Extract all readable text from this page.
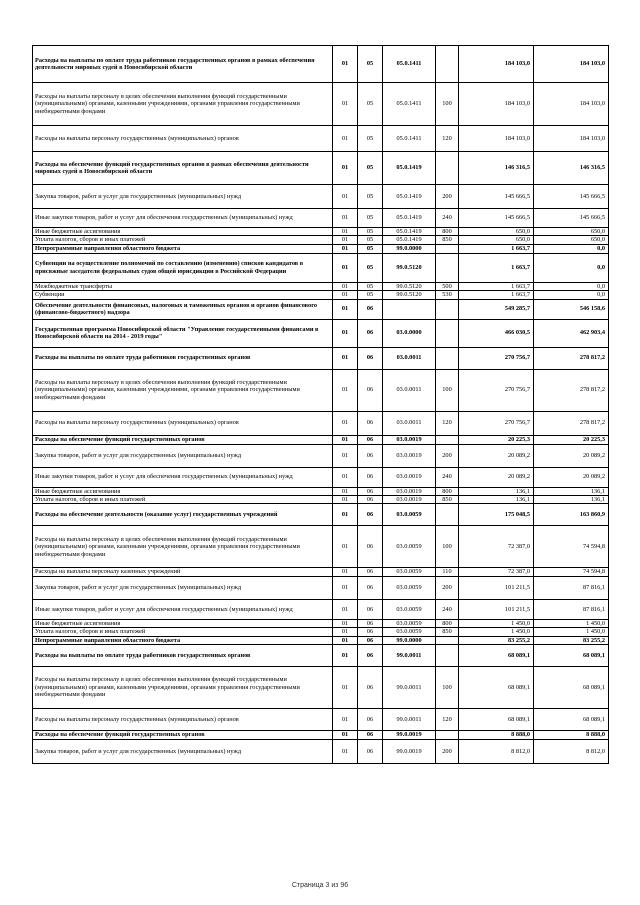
Расходы на выплаты по оплате труда работников государственных органов в рамках обеспечения деятельности мировых судей в Новосибирской области	01	05	05.0.1411		184 103,0	184 103,0
Расходы на выплаты персоналу в целях обеспечения выполнения функций государственными (муниципальными) органами, казенными учреждениями, органами управления государственными внебюджетными фондами	01	05	05.0.1411	100	184 103,0	184 103,0
Расходы на выплаты персоналу государственных (муниципальных) органов	01	05	05.0.1411	120	184 103,0	184 103,0
Расходы на обеспечение функций государственных органов в рамках обеспечения деятельности мировых судей в Новосибирской области	01	05	05.0.1419		146 316,5	146 316,5
Закупка товаров, работ и услуг для государственных (муниципальных) нужд	01	05	05.0.1419	200	145 666,5	145 666,5
Иные закупки товаров, работ и услуг для обеспечения государственных (муниципальных) нужд	01	05	05.0.1419	240	145 666,5	145 666,5
Иные бюджетные ассигнования	01	05	05.0.1419	800	650,0	650,0
Уплата налогов, сборов и иных платежей	01	05	05.0.1419	850	650,0	650,0
Непрограммные направления областного бюджета	01	05	99.0.0000		1 663,7	0,0
Субвенции на осуществление полномочий по составлению (изменению) списков кандидатов в присяжные заседатели федеральных судов общей юрисдикции в Российской Федерации	01	05	99.0.5120		1 663,7	0,0
Межбюджетные трансферты	01	05	99.0.5120	500	1 663,7	0,0
Субвенции	01	05	99.0.5120	530	1 663,7	0,0
Обеспечение деятельности финансовых, налоговых и таможенных органов и органов финансового (финансово-бюджетного) надзора	01	06			549 285,7	546 158,6
Государственная программа Новосибирской области "Управление государственными финансами в Новосибирской области на 2014 - 2019 годы"	01	06	03.0.0000		466 030,5	462 903,4
Расходы на выплаты по оплате труда работников государственных органов	01	06	03.0.0011		270 756,7	278 817,2
Расходы на выплаты персоналу в целях обеспечения выполнения функций государственными (муниципальными) органами, казенными учреждениями, органами управления государственными внебюджетными фондами	01	06	03.0.0011	100	270 756,7	278 817,2
Расходы на выплаты персоналу государственных (муниципальных) органов	01	06	03.0.0011	120	270 756,7	278 817,2
Расходы на обеспечение функций государственных органов	01	06	03.0.0019		20 225,3	20 225,3
Закупка товаров, работ и услуг для государственных (муниципальных) нужд	01	06	03.0.0019	200	20 089,2	20 089,2
Иные закупки товаров, работ и услуг для обеспечения государственных (муниципальных) нужд	01	06	03.0.0019	240	20 089,2	20 089,2
Иные бюджетные ассигнования	01	06	03.0.0019	800	136,1	136,1
Уплата налогов, сборов и иных платежей	01	06	03.0.0019	850	136,1	136,1
Расходы на обеспечение деятельности (оказание услуг) государственных учреждений	01	06	03.0.0059		175 048,5	163 860,9
Расходы на выплаты персоналу в целях обеспечения выполнения функций государственными (муниципальными) органами, казенными учреждениями, органами управления государственными внебюджетными фондами	01	06	03.0.0059	100	72 387,0	74 594,8
Расходы на выплаты персоналу казенных учреждений	01	06	03.0.0059	110	72 387,0	74 594,8
Закупка товаров, работ и услуг для государственных (муниципальных) нужд	01	06	03.0.0059	200	101 211,5	87 816,1
Иные закупки товаров, работ и услуг для обеспечения государственных (муниципальных) нужд	01	06	03.0.0059	240	101 211,5	87 816,1
Иные бюджетные ассигнования	01	06	03.0.0059	800	1 450,0	1 450,0
Уплата налогов, сборов и иных платежей	01	06	03.0.0059	850	1 450,0	1 450,0
Непрограммные направления областного бюджета	01	06	99.0.0000		83 255,2	83 255,2
Расходы на выплаты по оплате труда работников государственных органов	01	06	99.0.0011		68 089,1	68 089,1
Расходы на выплаты персоналу в целях обеспечения выполнения функций государственными (муниципальными) органами, казенными учреждениями, органами управления государственными внебюджетными фондами	01	06	99.0.0011	100	68 089,1	68 089,1
Расходы на выплаты персоналу государственных (муниципальных) органов	01	06	99.0.0011	120	68 089,1	68 089,1
Расходы на обеспечение функций государственных органов	01	06	99.0.0019		8 888,0	8 888,0
Закупка товаров, работ и услуг для государственных (муниципальных) нужд	01	06	99.0.0019	200	8 812,0	8 812,0
Страница 3 из 96
